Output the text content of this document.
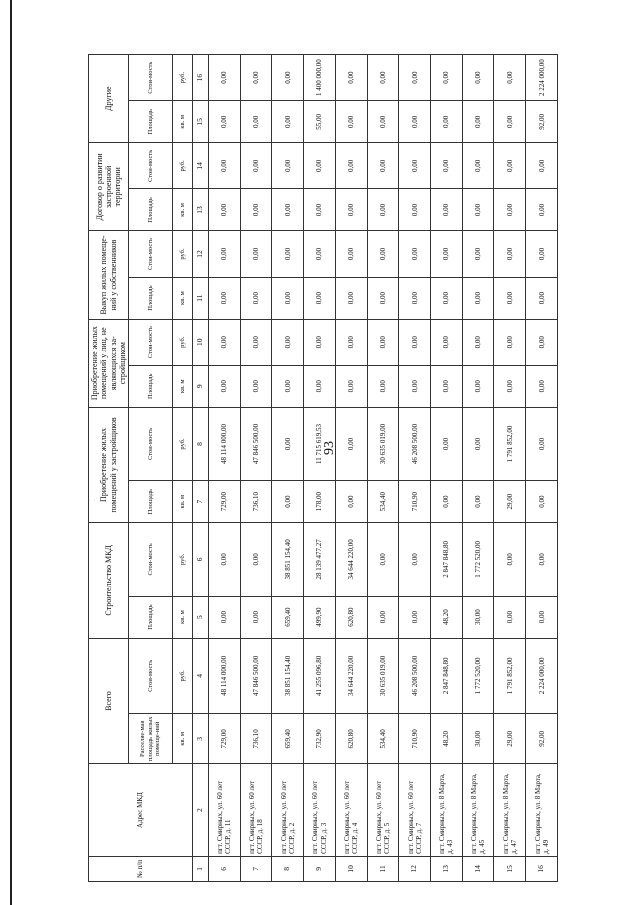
· · ·
93
№ п/п	Адрес МКД	Всего		Строительство МКД		Приобретение жилых помещений у застройщиков		Приобретение жилых помещений у лиц, не являющихся за-стройщиком		Выкуп жилых помеще-ний у собственников		Договор о развитии застроенной территории		Другие	
		Расселяе-мая площадь жилых помеще-ний	Стои-мость	Площадь	Стои-мость	Площадь	Стои-мость	Площадь	Стои-мость	Площадь	Стои-мость	Площадь	Стои-мость	Площадь	Стои-мость
		кв. м	руб.	кв. м	руб.	кв. м	руб.	кв. м	руб.	кв. м	руб.	кв. м	руб.	кв. м	руб.
1	2	3	4	5	6	7	8	9	10	11	12	13	14	15	16
6	пгт. Смирных, ул. 60 лет СССР, д. 11	729,00	48 114 000,00	0,00	0,00	729,00	48 114 000,00	0,00	0,00	0,00	0,00	0,00	0,00	0,00	0,00
7	пгт. Смирных, ул. 60 лет СССР, д. 18	736,10	47 846 500,00	0,00	0,00	736,10	47 846 500,00	0,00	0,00	0,00	0,00	0,00	0,00	0,00	0,00
8	пгт. Смирных, ул. 60 лет СССР, д. 2	659,40	38 851 154,40	659,40	38 851 154,40	0,00	0,00	0,00	0,00	0,00	0,00	0,00	0,00	0,00	0,00
9	пгт. Смирных, ул. 60 лет СССР, д. 3	732,90	41 255 096,80	499,90	28 139 477,27	178,00	11 715 619,53	0,00	0,00	0,00	0,00	0,00	0,00	55,00	1 400 000,00
10	пгт. Смирных, ул. 60 лет СССР, д. 4	620,80	34 644 220,00	620,80	34 644 220,00	0,00	0,00	0,00	0,00	0,00	0,00	0,00	0,00	0,00	0,00
11	пгт. Смирных, ул. 60 лет СССР, д. 5	534,40	30 635 019,00	0,00	0,00	534,40	30 635 019,00	0,00	0,00	0,00	0,00	0,00	0,00	0,00	0,00
12	пгт. Смирных, ул. 60 лет СССР, д. 7	710,90	46 208 500,00	0,00	0,00	710,90	46 208 500,00	0,00	0,00	0,00	0,00	0,00	0,00	0,00	0,00
13	пгт. Смирных, ул. 8 Марта, д. 43	48,20	2 847 848,80	48,20	2 847 848,80	0,00	0,00	0,00	0,00	0,00	0,00	0,00	0,00	0,00	0,00
14	пгт. Смирных, ул. 8 Марта, д. 45	30,00	1 772 520,00	30,00	1 772 520,00	0,00	0,00	0,00	0,00	0,00	0,00	0,00	0,00	0,00	0,00
15	пгт. Смирных, ул. 8 Марта, д. 47	29,00	1 791 852,00	0,00	0,00	29,00	1 791 852,00	0,00	0,00	0,00	0,00	0,00	0,00	0,00	0,00
16	пгт. Смирных, ул. 8 Марта, д. 49	92,00	2 224 000,00	0,00	0,00	0,00	0,00	0,00	0,00	0,00	0,00	0,00	0,00	92,00	2 224 000,00
